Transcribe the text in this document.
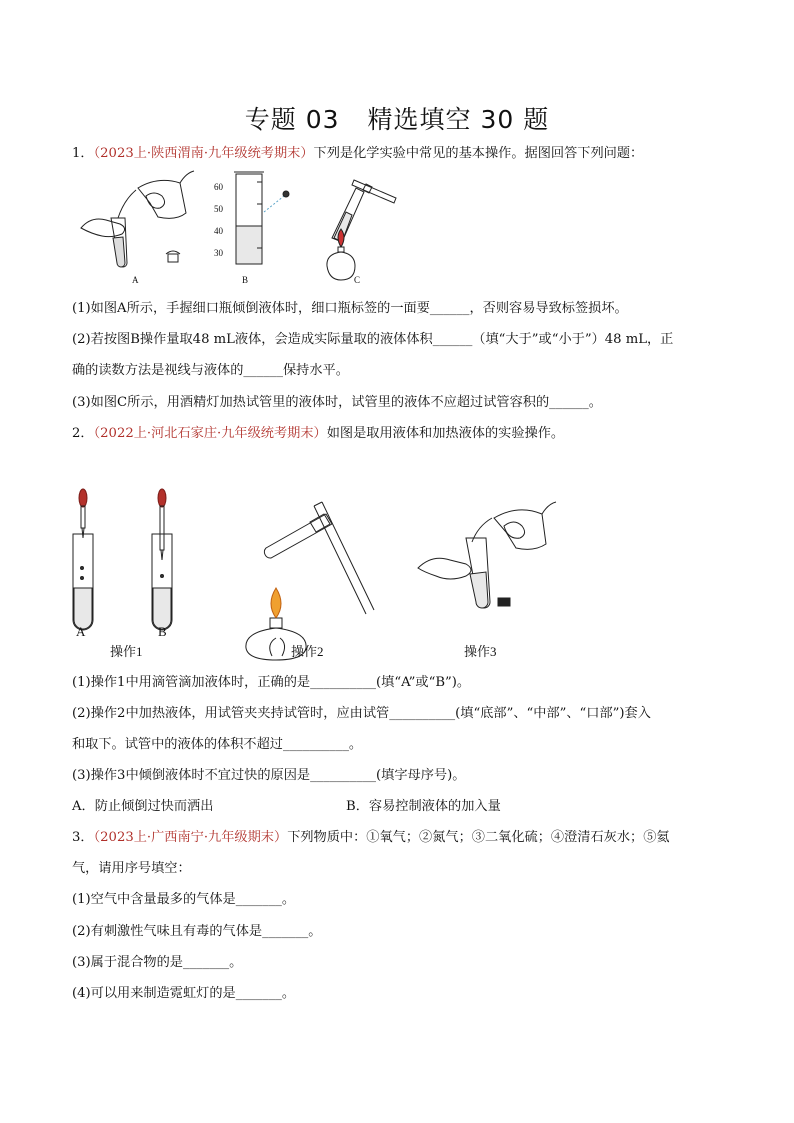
专题 03 精选填空 30 题
1．（2023上·陕西渭南·九年级统考期末）下列是化学实验中常见的基本操作。据图回答下列问题：
A	B	C
60
50
40
30
(1)如图A所示，手握细口瓶倾倒液体时，细口瓶标签的一面要______，否则容易导致标签损坏。
(2)若按图B操作量取48 mL液体，会造成实际量取的液体体积______（填“大于”或“小于”）48 mL，正
确的读数方法是视线与液体的______保持水平。
(3)如图C所示，用酒精灯加热试管里的液体时，试管里的液体不应超过试管容积的______。
2．（2022上·河北石家庄·九年级统考期末）如图是取用液体和加热液体的实验操作。
A	B
操作1	操作2	操作3
(1)操作1中用滴管滴加液体时，正确的是__________(填“A”或“B”)。
(2)操作2中加热液体，用试管夹夹持试管时，应由试管__________(填“底部”、“中部”、“口部”)套入
和取下。试管中的液体的体积不超过__________。
(3)操作3中倾倒液体时不宜过快的原因是__________(填字母序号)。
A．防止倾倒过快而洒出	B．容易控制液体的加入量
3．（2023上·广西南宁·九年级期末）下列物质中：①氧气；②氮气；③二氧化硫；④澄清石灰水；⑤氦
气，请用序号填空：
(1)空气中含量最多的气体是_______。
(2)有刺激性气味且有毒的气体是_______。
(3)属于混合物的是_______。
(4)可以用来制造霓虹灯的是_______。
